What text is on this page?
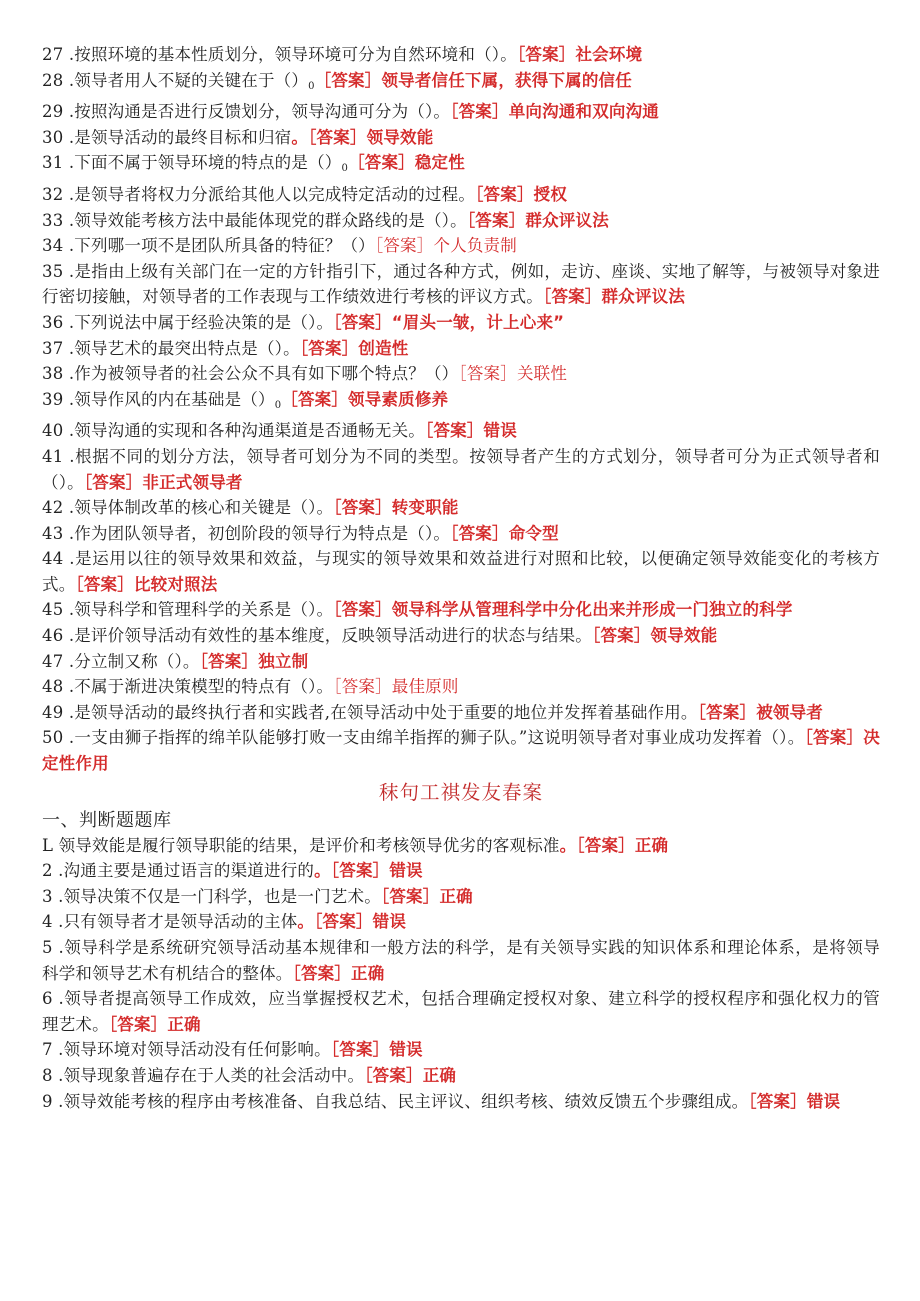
27 .按照环境的基本性质划分，领导环境可分为自然环境和（）。［答案］社会环境
28 .领导者用人不疑的关键在于$()_0[$答案］领导者信任下属，获得下属的信任
29 .按照沟通是否进行反馈划分，领导沟通可分为（）。［答案］单向沟通和双向沟通
30 .是领导活动的最终目标和归宿。［答案］领导效能
31 .下面不属于领导环境的特点的是$()_0[$答案］稳定性
32 .是领导者将权力分派给其他人以完成特定活动的过程。［答案］授权
33 .领导效能考核方法中最能体现党的群众路线的是（）。［答案］群众评议法
34 .下列哪一项不是团队所具备的特征？（）［答案］个人负责制
35 .是指由上级有关部门在一定的方针指引下，通过各种方式，例如，走访、座谈、实地了解等，与被领导对象进行密切接触，对领导者的工作表现与工作绩效进行考核的评议方式。［答案］群众评议法
36 .下列说法中属于经验决策的是（）。［答案］“眉头一皱，计上心来”
37 .领导艺术的最突出特点是（）。［答案］创造性
38 .作为被领导者的社会公众不具有如下哪个特点？（）［答案］关联性
39 .领导作风的内在基础是$()_0[$答案］领导素质修养
40 .领导沟通的实现和各种沟通渠道是否通畅无关。［答案］错误
41 .根据不同的划分方法，领导者可划分为不同的类型。按领导者产生的方式划分，领导者可分为正式领导者和（）。［答案］非正式领导者
42 .领导体制改革的核心和关键是（）。［答案］转变职能
43 .作为团队领导者，初创阶段的领导行为特点是（）。［答案］命令型
44 .是运用以往的领导效果和效益，与现实的领导效果和效益进行对照和比较，以便确定领导效能变化的考核方式。［答案］比较对照法
45 .领导科学和管理科学的关系是（）。［答案］领导科学从管理科学中分化出来并形成一门独立的科学
46 .是评价领导活动有效性的基本维度，反映领导活动进行的状态与结果。［答案］领导效能
47 .分立制又称（）。［答案］独立制
48 .不属于渐进决策模型的特点有（）。［答案］最佳原则
49 .是领导活动的最终执行者和实践者,在领导活动中处于重要的地位并发挥着基础作用。［答案］被领导者
50 .一支由狮子指挥的绵羊队能够打败一支由绵羊指挥的狮子队。”这说明领导者对事业成功发挥着（）。［答案］决定性作用
秣句工祺发友春案
一、判断题题库
L 领导效能是履行领导职能的结果，是评价和考核领导优劣的客观标准。［答案］正确
2 .沟通主要是通过语言的渠道进行的。［答案］错误
3 .领导决策不仅是一门科学，也是一门艺术。［答案］正确
4 .只有领导者才是领导活动的主体。［答案］错误
5 .领导科学是系统研究领导活动基本规律和一般方法的科学，是有关领导实践的知识体系和理论体系，是将领导科学和领导艺术有机结合的整体。［答案］正确
6 .领导者提高领导工作成效，应当掌握授权艺术，包括合理确定授权对象、建立科学的授权程序和强化权力的管理艺术。［答案］正确
7 .领导环境对领导活动没有任何影响。［答案］错误
8 .领导现象普遍存在于人类的社会活动中。［答案］正确
9 .领导效能考核的程序由考核准备、自我总结、民主评议、组织考核、绩效反馈五个步骤组成。［答案］错误
